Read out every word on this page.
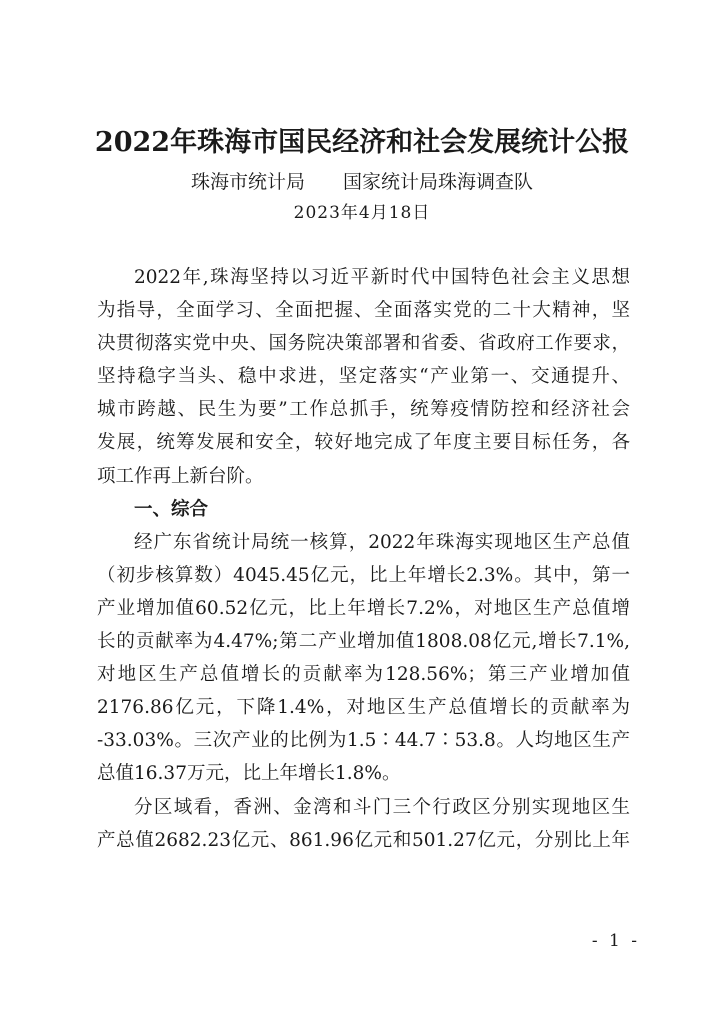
2022年珠海市国民经济和社会发展统计公报
珠海市统计局 国家统计局珠海调查队
2023年4月18日
2022年,珠海坚持以习近平新时代中国特色社会主义思想
为指导，全面学习、全面把握、全面落实党的二十大精神，坚
决贯彻落实党中央、国务院决策部署和省委、省政府工作要求，
坚持稳字当头、稳中求进，坚定落实“产业第一、交通提升、
城市跨越、民生为要”工作总抓手，统筹疫情防控和经济社会
发展，统筹发展和安全，较好地完成了年度主要目标任务，各
项工作再上新台阶。
一、综合
经广东省统计局统一核算，2022年珠海实现地区生产总值
（初步核算数）4045.45亿元，比上年增长2.3%。其中，第一
产业增加值60.52亿元，比上年增长7.2%，对地区生产总值增
长的贡献率为4.47%;第二产业增加值1808.08亿元,增长7.1%,
对地区生产总值增长的贡献率为128.56%；第三产业增加值
2176.86亿元，下降1.4%，对地区生产总值增长的贡献率为
-33.03%。三次产业的比例为1.5∶44.7∶53.8。人均地区生产
总值16.37万元，比上年增长1.8%。
分区域看，香洲、金湾和斗门三个行政区分别实现地区生
产总值2682.23亿元、861.96亿元和501.27亿元，分别比上年
- 1 -
